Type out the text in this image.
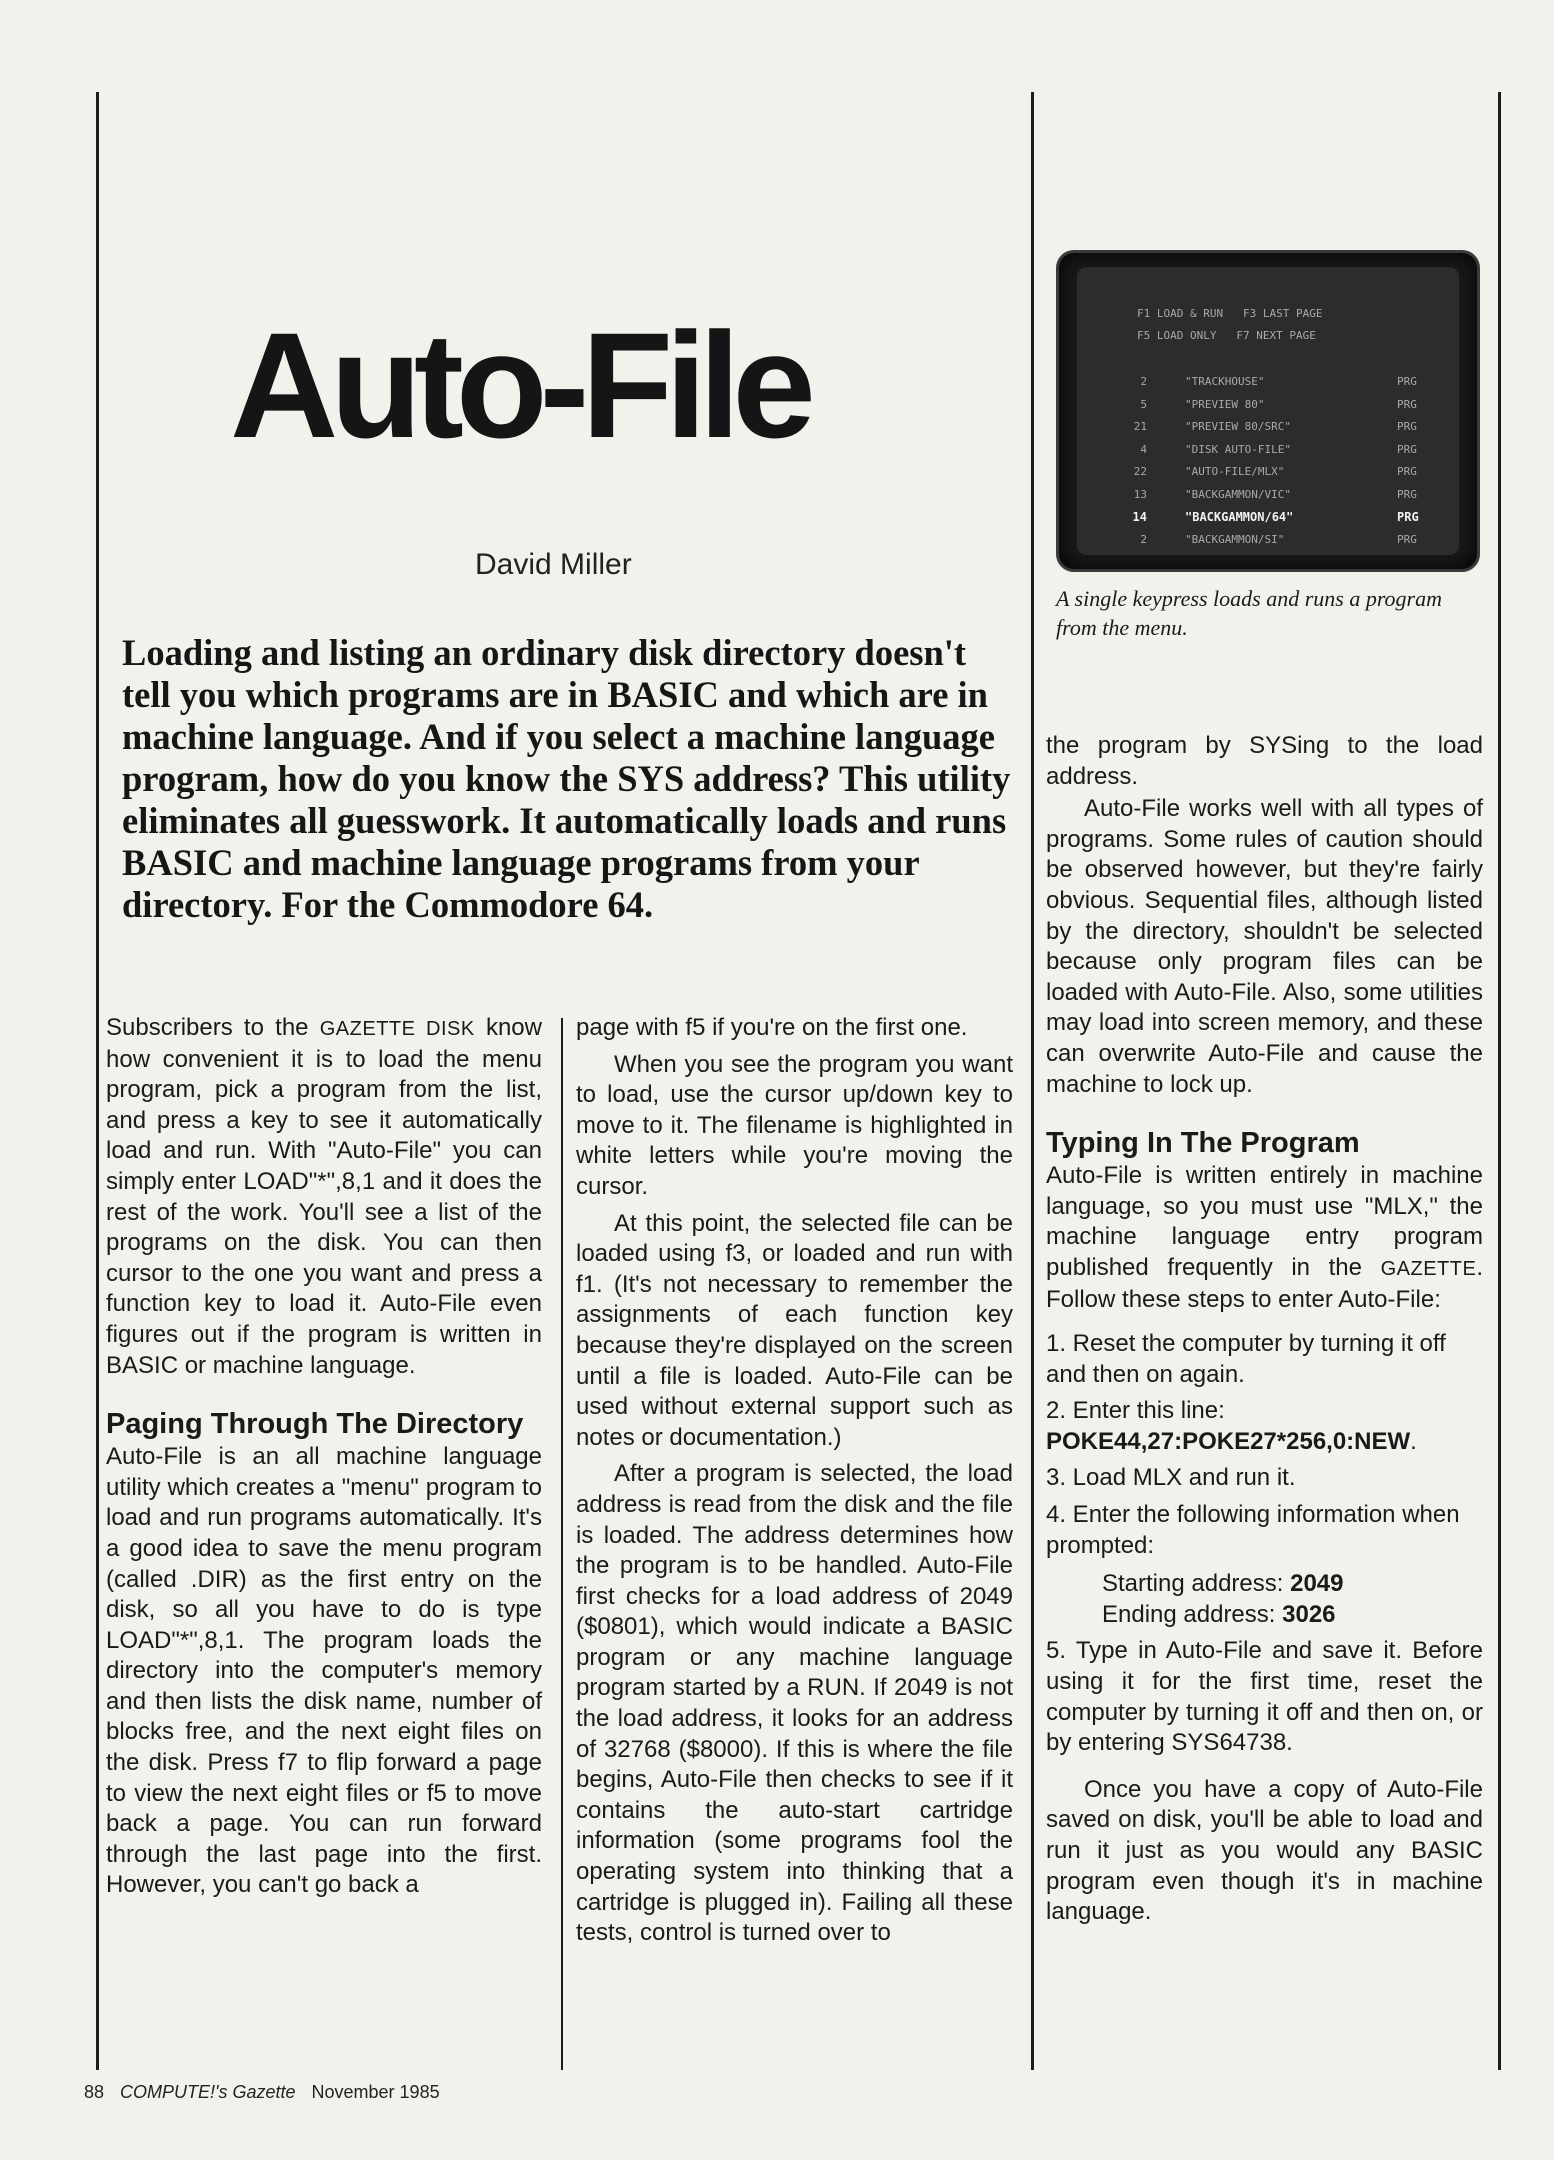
Auto-File
David Miller
Loading and listing an ordinary disk directory doesn't tell you which programs are in BASIC and which are in machine language. And if you select a machine language program, how do you know the SYS address? This utility eliminates all guesswork. It automatically loads and runs BASIC and machine language programs from your directory. For the Commodore 64.
F1 LOAD & RUN F3 LAST PAGE
F5 LOAD ONLY F7 NEXT PAGE
2	"TRACKHOUSE"	PRG
5	"PREVIEW 80"	PRG
21	"PREVIEW 80/SRC"	PRG
4	"DISK AUTO-FILE"	PRG
22	"AUTO-FILE/MLX"	PRG
13	"BACKGAMMON/VIC"	PRG
14	"BACKGAMMON/64"	PRG
2	"BACKGAMMON/SI"	PRG
A single keypress loads and runs a program from the menu.

Subscribers to the GAZETTE DISK know how convenient it is to load the menu program, pick a program from the list, and press a key to see it automatically load and run. With "Auto-File" you can simply enter LOAD"*",8,1 and it does the rest of the work. You'll see a list of the programs on the disk. You can then cursor to the one you want and press a function key to load it. Auto-File even figures out if the program is written in BASIC or machine language.

Paging Through The Directory

Auto-File is an all machine language utility which creates a "menu" program to load and run programs automatically. It's a good idea to save the menu program (called .DIR) as the first entry on the disk, so all you have to do is type LOAD"*",8,1. The program loads the directory into the computer's memory and then lists the disk name, number of blocks free, and the next eight files on the disk. Press f7 to flip forward a page to view the next eight files or f5 to move back a page. You can run forward through the last page into the first. However, you can't go back a

page with f5 if you're on the first one.

When you see the program you want to load, use the cursor up/down key to move to it. The filename is highlighted in white letters while you're moving the cursor.

At this point, the selected file can be loaded using f3, or loaded and run with f1. (It's not necessary to remember the assignments of each function key because they're displayed on the screen until a file is loaded. Auto-File can be used without external support such as notes or documentation.)

After a program is selected, the load address is read from the disk and the file is loaded. The address determines how the program is to be handled. Auto-File first checks for a load address of 2049 ($0801), which would indicate a BASIC program or any machine language program started by a RUN. If 2049 is not the load address, it looks for an address of 32768 ($8000). If this is where the file begins, Auto-File then checks to see if it contains the auto-start cartridge information (some programs fool the operating system into thinking that a cartridge is plugged in). Failing all these tests, control is turned over to

the program by SYSing to the load address.

Auto-File works well with all types of programs. Some rules of caution should be observed however, but they're fairly obvious. Sequential files, although listed by the directory, shouldn't be selected because only program files can be loaded with Auto-File. Also, some utilities may load into screen memory, and these can overwrite Auto-File and cause the machine to lock up.

Typing In The Program

Auto-File is written entirely in machine language, so you must use "MLX," the machine language entry program published frequently in the GAZETTE. Follow these steps to enter Auto-File:

1. Reset the computer by turning it off and then on again.

2. Enter this line: POKE44,27:POKE27*256,0:NEW.

3. Load MLX and run it.

4. Enter the following information when prompted:

Starting address: 2049

Ending address: 3026

5. Type in Auto-File and save it. Before using it for the first time, reset the computer by turning it off and then on, or by entering SYS64738.

Once you have a copy of Auto-File saved on disk, you'll be able to load and run it just as you would any BASIC program even though it's in machine language.

88 COMPUTE!'s Gazette November 1985
